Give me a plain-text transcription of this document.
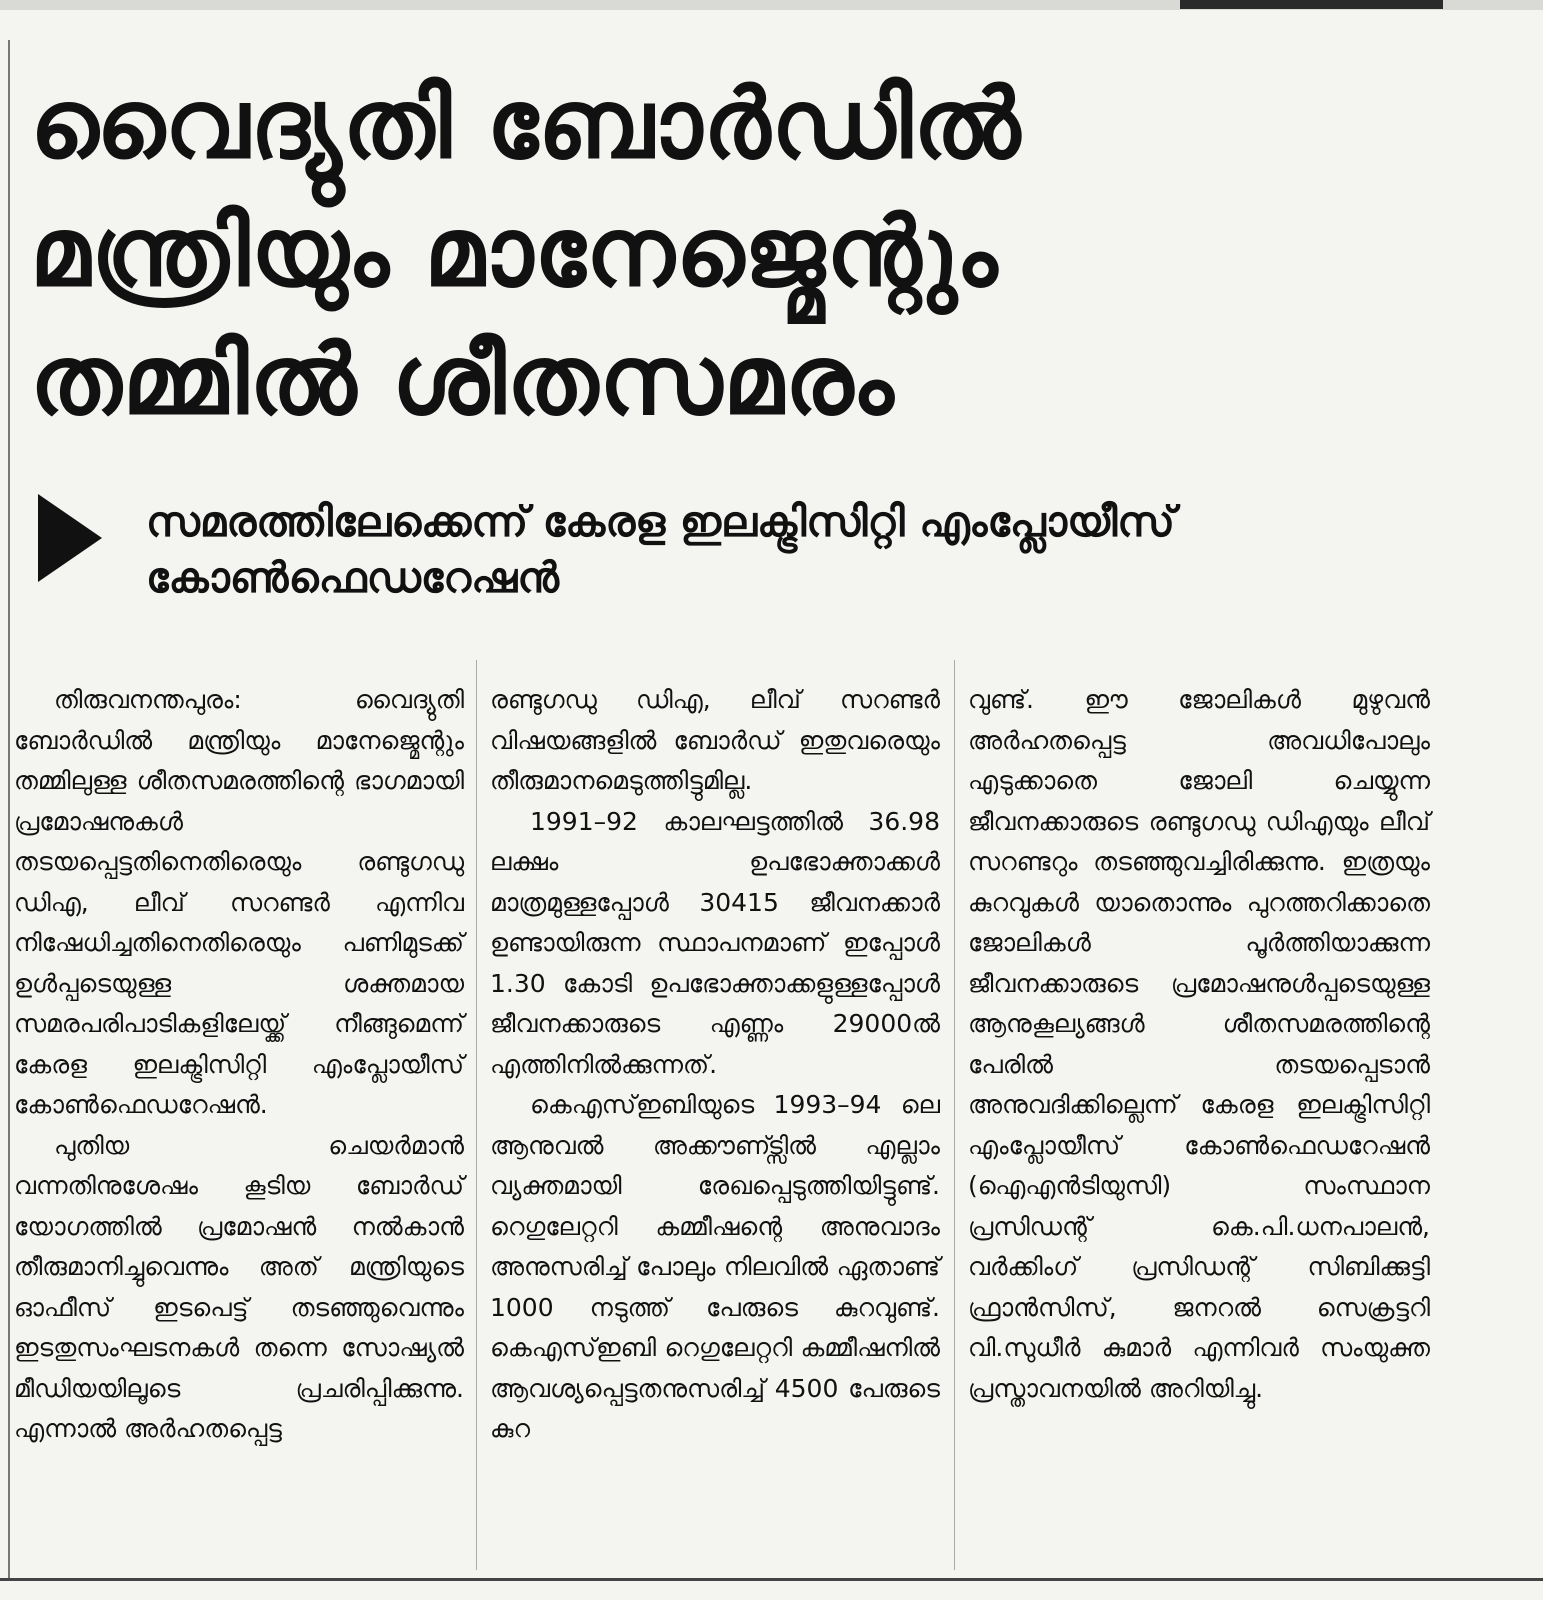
വൈദ്യുതി ബോർഡിൽ
മന്ത്രിയും മാനേജ്മെന്റും
തമ്മിൽ ശീതസമരം
സമരത്തിലേക്കെന്ന് കേരള ഇലക്ട്രിസിറ്റി എംപ്ലോയീസ്
കോൺഫെഡറേഷൻ

തിരുവനന്തപുരം: വൈദ്യുതി ബോർഡിൽ മന്ത്രിയും മാനേജ്മെന്റും തമ്മിലുള്ള ശീതസമരത്തിന്റെ ഭാഗമായി പ്രമോഷനുകൾ തടയപ്പെട്ടതിനെതിരെയും രണ്ടുഗഡു ഡിഎ, ലീവ് സറണ്ടർ എന്നിവ നിഷേധിച്ചതിനെതിരെയും പണിമുടക്ക് ഉൾപ്പടെയുള്ള ശക്തമായ സമരപരിപാടികളിലേയ്ക്ക് നീങ്ങുമെന്ന് കേരള ഇലക്ട്രിസിറ്റി എംപ്ലോയീസ് കോൺഫെഡറേഷൻ.

പുതിയ ചെയർമാൻ വന്നതിനുശേഷം കൂടിയ ബോർഡ് യോഗത്തിൽ പ്രമോഷൻ നൽകാൻ തീരുമാനിച്ചുവെന്നും അത് മന്ത്രിയുടെ ഓഫീസ് ഇടപെട്ട് തടഞ്ഞുവെന്നും ഇടതുസംഘടനകൾ തന്നെ സോഷ്യൽ മീഡിയയിലൂടെ പ്രചരിപ്പിക്കുന്നു. എന്നാൽ അർഹതപ്പെട്ട

രണ്ടുഗഡു ഡിഎ, ലീവ് സറണ്ടർ വിഷയങ്ങളിൽ ബോർഡ് ഇതുവരെയും തീരുമാനമെടുത്തിട്ടുമില്ല.

1991–92 കാലഘട്ടത്തിൽ 36.98 ലക്ഷം ഉപഭോക്താക്കൾ മാത്രമുള്ളപ്പോൾ 30415 ജീവനക്കാർ ഉണ്ടായിരുന്ന സ്ഥാപനമാണ് ഇപ്പോൾ 1.30 കോടി ഉപഭോക്താക്കളുള്ളപ്പോൾ ജീവനക്കാരുടെ എണ്ണം 29000ൽ എത്തിനിൽക്കുന്നത്.

കെഎസ്ഇബിയുടെ 1993–94 ലെ ആനുവൽ അക്കൗണ്ട്സിൽ എല്ലാം വ്യക്തമായി രേഖപ്പെടുത്തിയിട്ടുണ്ട്. റെഗുലേറ്ററി കമ്മീഷന്റെ അനുവാദം അനുസരിച്ച് പോലും നിലവിൽ ഏതാണ്ട് 1000 നടുത്ത് പേരുടെ കുറവുണ്ട്. കെഎസ്ഇബി റെഗുലേറ്ററി കമ്മീഷനിൽ ആവശ്യപ്പെട്ടതനുസരിച്ച് 4500 പേരുടെ കുറ

വുണ്ട്. ഈ ജോലികൾ മുഴുവൻ അർഹതപ്പെട്ട അവധിപോലും എടുക്കാതെ ജോലി ചെയ്യുന്ന ജീവനക്കാരുടെ രണ്ടുഗഡു ഡിഎയും ലീവ് സറണ്ടറും തടഞ്ഞുവച്ചിരിക്കുന്നു. ഇത്രയും കുറവുകൾ യാതൊന്നും പുറത്തറിക്കാതെ ജോലികൾ പൂർത്തിയാക്കുന്ന ജീവനക്കാരുടെ പ്രമോഷനുൾപ്പടെയുള്ള ആനുകൂല്യങ്ങൾ ശീതസമരത്തിന്റെ പേരിൽ തടയപ്പെടാൻ അനുവദിക്കില്ലെന്ന് കേരള ഇലക്ട്രിസിറ്റി എംപ്ലോയീസ് കോൺഫെഡറേഷൻ (ഐഎൻടിയുസി) സംസ്ഥാന പ്രസിഡന്റ് കെ.പി.ധനപാലൻ, വർക്കിംഗ് പ്രസിഡന്റ് സിബിക്കുട്ടി ഫ്രാൻസിസ്, ജനറൽ സെക്രട്ടറി വി.സുധീർ കുമാർ എന്നിവർ സംയുക്ത പ്രസ്താവനയിൽ അറിയിച്ചു.
